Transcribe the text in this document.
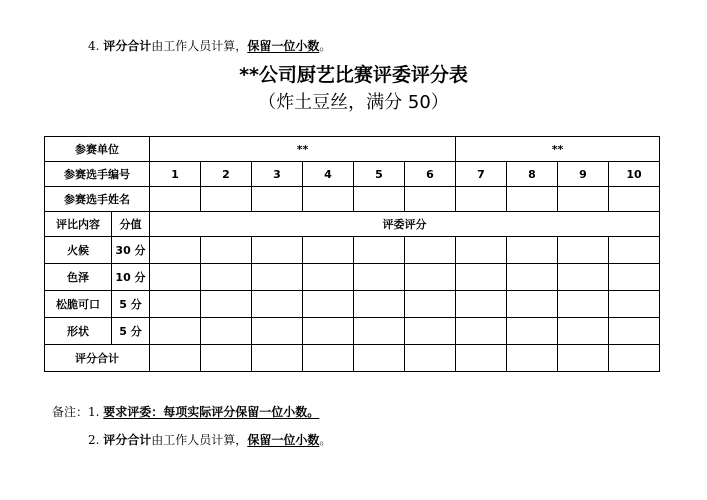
4. 评分合计由工作人员计算，保留一位小数。
**公司厨艺比赛评委评分表
（炸土豆丝，满分 50）
参赛单位		**						**			
参赛选手编号		1	2	3	4	5	6	7	8	9	10
参赛选手姓名											
评比内容	分值	评委评分									
火候	30 分										
色泽	10 分										
松脆可口	5 分										
形状	5 分										
评分合计											
备注：1. 要求评委：每项实际评分保留一位小数。
2. 评分合计由工作人员计算，保留一位小数。
